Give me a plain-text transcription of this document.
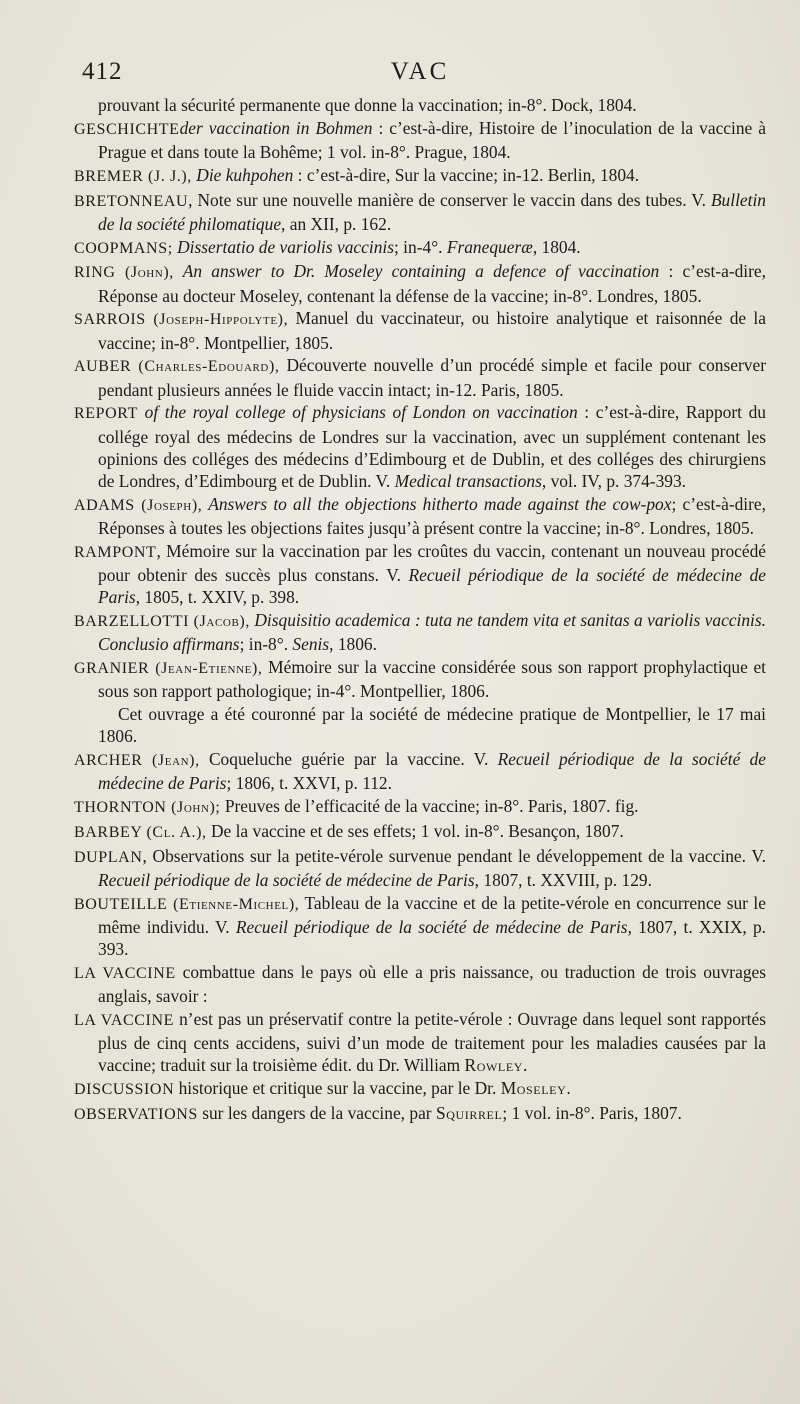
412	VAC

prouvant la sécurité permanente que donne la vaccination; in-8°. Dock, 1804.

GESCHICHTEder vaccination in Bohmen : c’est-à-dire, Histoire de l’inoculation de la vaccine à Prague et dans toute la Bohême; 1 vol. in-8°. Prague, 1804.

BREMER (J. J.), Die kuhpohen : c’est-à-dire, Sur la vaccine; in-12. Berlin, 1804.

BRETONNEAU, Note sur une nouvelle manière de conserver le vaccin dans des tubes. V. Bulletin de la société philomatique, an XII, p. 162.

COOPMANS; Dissertatio de variolis vaccinis; in-4°. Franequeræ, 1804.

RING (John), An answer to Dr. Moseley containing a defence of vaccination : c’est-a-dire, Réponse au docteur Moseley, contenant la défense de la vaccine; in-8°. Londres, 1805.

SARROIS (Joseph-Hippolyte), Manuel du vaccinateur, ou histoire analytique et raisonnée de la vaccine; in-8°. Montpellier, 1805.

AUBER (Charles-Edouard), Découverte nouvelle d’un procédé simple et facile pour conserver pendant plusieurs années le fluide vaccin intact; in-12. Paris, 1805.

REPORT of the royal college of physicians of London on vaccination : c’est-à-dire, Rapport du collége royal des médecins de Londres sur la vaccination, avec un supplément contenant les opinions des colléges des médecins d’Edimbourg et de Dublin, et des colléges des chirurgiens de Londres, d’Edimbourg et de Dublin. V. Medical transactions, vol. IV, p. 374-393.

ADAMS (Joseph), Answers to all the objections hitherto made against the cow-pox; c’est-à-dire, Réponses à toutes les objections faites jusqu’à présent contre la vaccine; in-8°. Londres, 1805.

RAMPONT, Mémoire sur la vaccination par les croûtes du vaccin, contenant un nouveau procédé pour obtenir des succès plus constans. V. Recueil périodique de la société de médecine de Paris, 1805, t. XXIV, p. 398.

BARZELLOTTI (Jacob), Disquisitio academica : tuta ne tandem vita et sanitas a variolis vaccinis. Conclusio affirmans; in-8°. Senis, 1806.

GRANIER (Jean-Etienne), Mémoire sur la vaccine considérée sous son rapport prophylactique et sous son rapport pathologique; in-4°. Montpellier, 1806.

Cet ouvrage a été couronné par la société de médecine pratique de Montpellier, le 17 mai 1806.

ARCHER (Jean), Coqueluche guérie par la vaccine. V. Recueil périodique de la société de médecine de Paris; 1806, t. XXVI, p. 112.

THORNTON (John); Preuves de l’efficacité de la vaccine; in-8°. Paris, 1807. fig.

BARBEY (Cl. A.), De la vaccine et de ses effets; 1 vol. in-8°. Besançon, 1807.

DUPLAN, Observations sur la petite-vérole survenue pendant le développement de la vaccine. V. Recueil périodique de la société de médecine de Paris, 1807, t. XXVIII, p. 129.

BOUTEILLE (Etienne-Michel), Tableau de la vaccine et de la petite-vérole en concurrence sur le même individu. V. Recueil périodique de la société de médecine de Paris, 1807, t. XXIX, p. 393.

LA VACCINE combattue dans le pays où elle a pris naissance, ou traduction de trois ouvrages anglais, savoir :

LA VACCINE n’est pas un préservatif contre la petite-vérole : Ouvrage dans lequel sont rapportés plus de cinq cents accidens, suivi d’un mode de traitement pour les maladies causées par la vaccine; traduit sur la troisième édit. du Dr. William Rowley.

DISCUSSION historique et critique sur la vaccine, par le Dr. Moseley.

OBSERVATIONS sur les dangers de la vaccine, par Squirrel; 1 vol. in-8°. Paris, 1807.
